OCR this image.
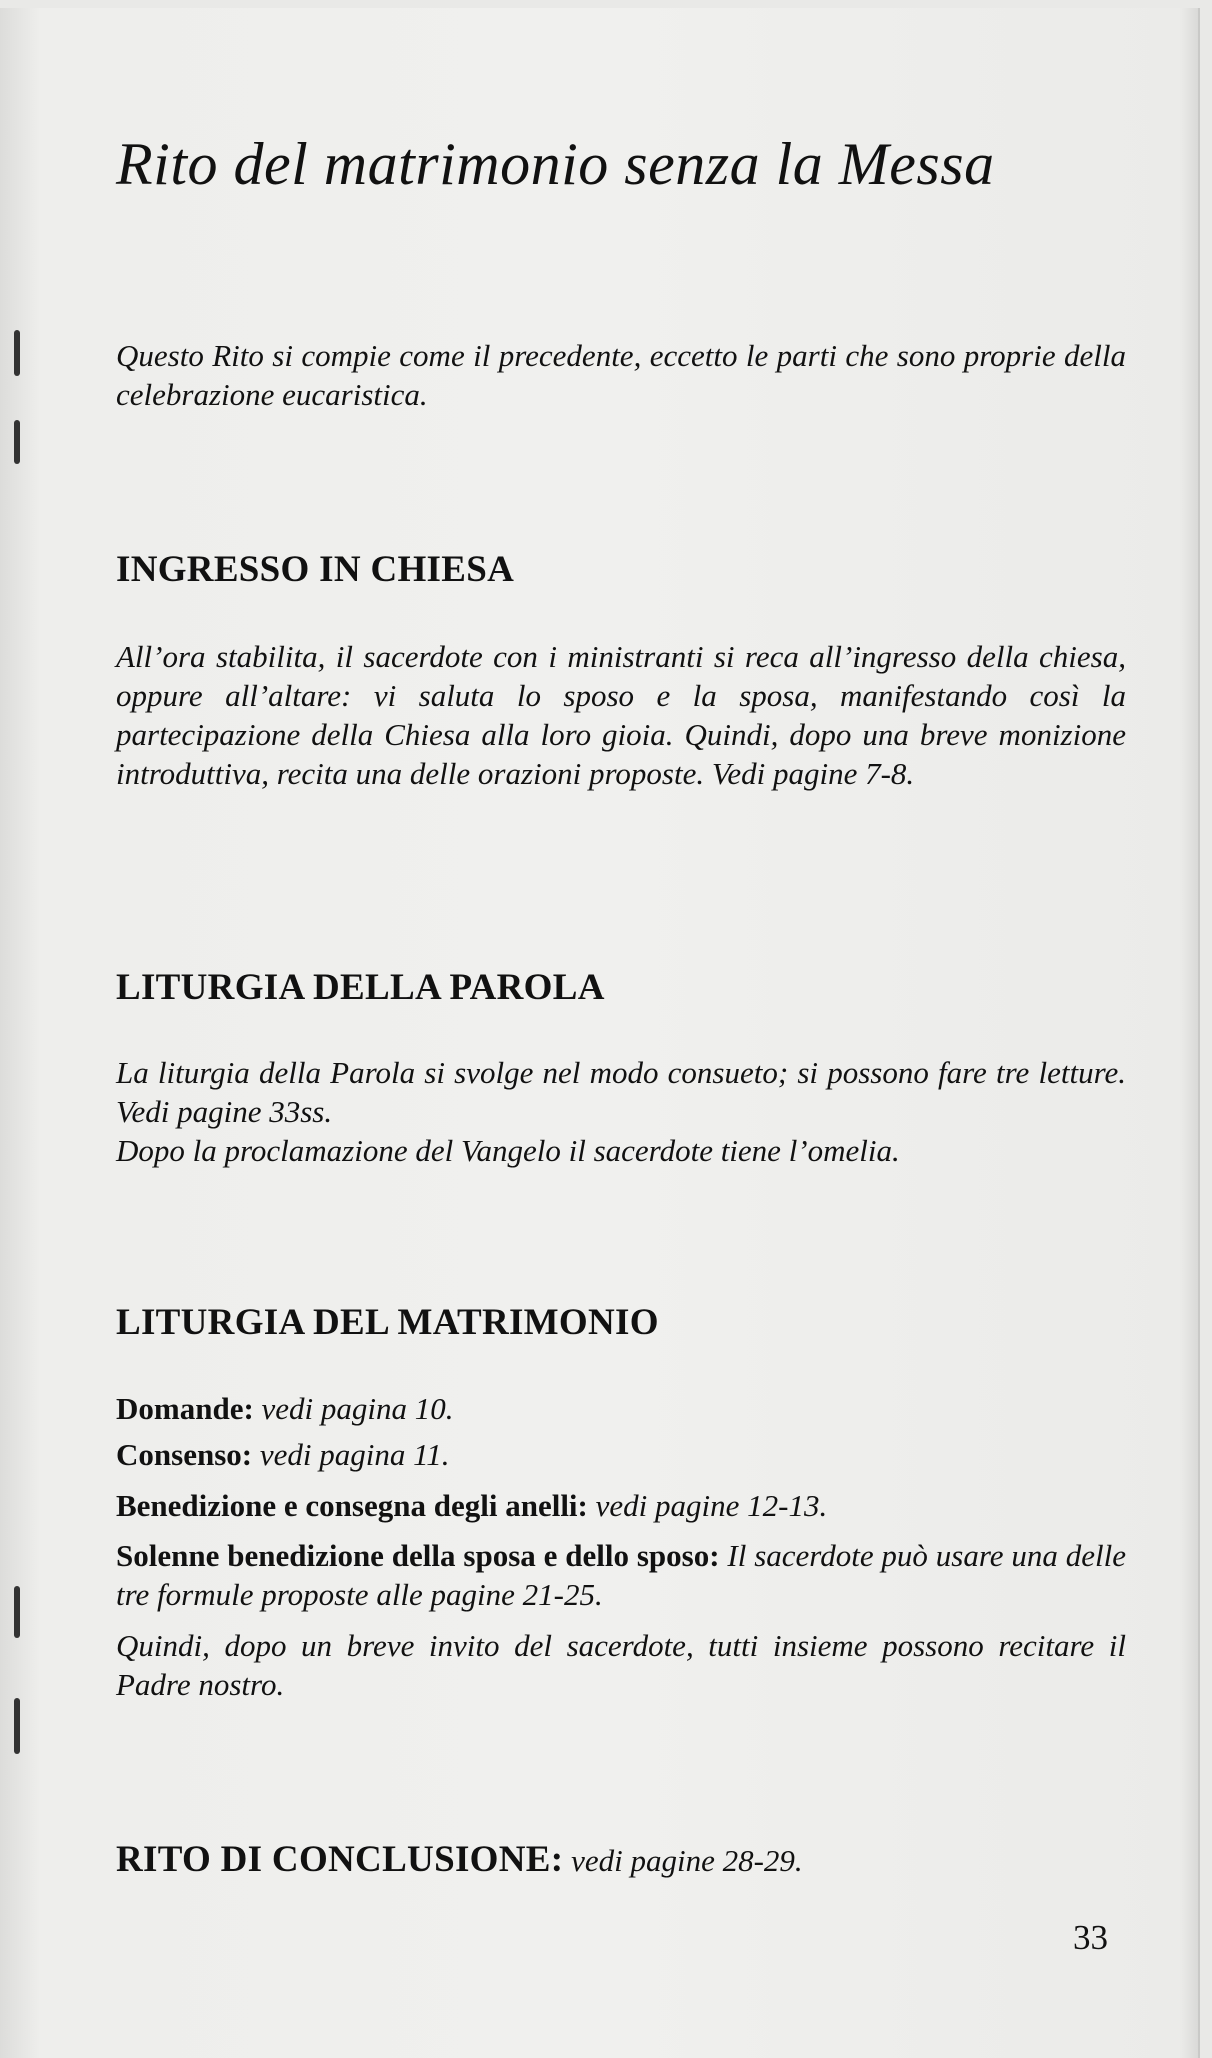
Rito del matrimonio senza la Messa

Questo Rito si compie come il precedente, eccetto le parti che sono proprie della celebrazione eucaristica.

INGRESSO IN CHIESA

All’ora stabilita, il sacerdote con i ministranti si reca all’ingresso della chiesa, oppure all’altare: vi saluta lo sposo e la sposa, manifestando così la partecipazione della Chiesa alla loro gioia. Quindi, dopo una breve monizione introduttiva, recita una delle orazioni proposte. Vedi pagine 7-8.

LITURGIA DELLA PAROLA

La liturgia della Parola si svolge nel modo consueto; si possono fare tre letture. Vedi pagine 33ss.

Dopo la proclamazione del Vangelo il sacerdote tiene l’omelia.

LITURGIA DEL MATRIMONIO
Domande: vedi pagina 10.
Consenso: vedi pagina 11.
Benedizione e consegna degli anelli: vedi pagine 12-13.
Solenne benedizione della sposa e dello sposo: Il sacerdote può usare una delle tre formule proposte alle pagine 21-25.

Quindi, dopo un breve invito del sacerdote, tutti insieme possono recitare il Padre nostro.

RITO DI CONCLUSIONE: vedi pagine 28-29.
33
